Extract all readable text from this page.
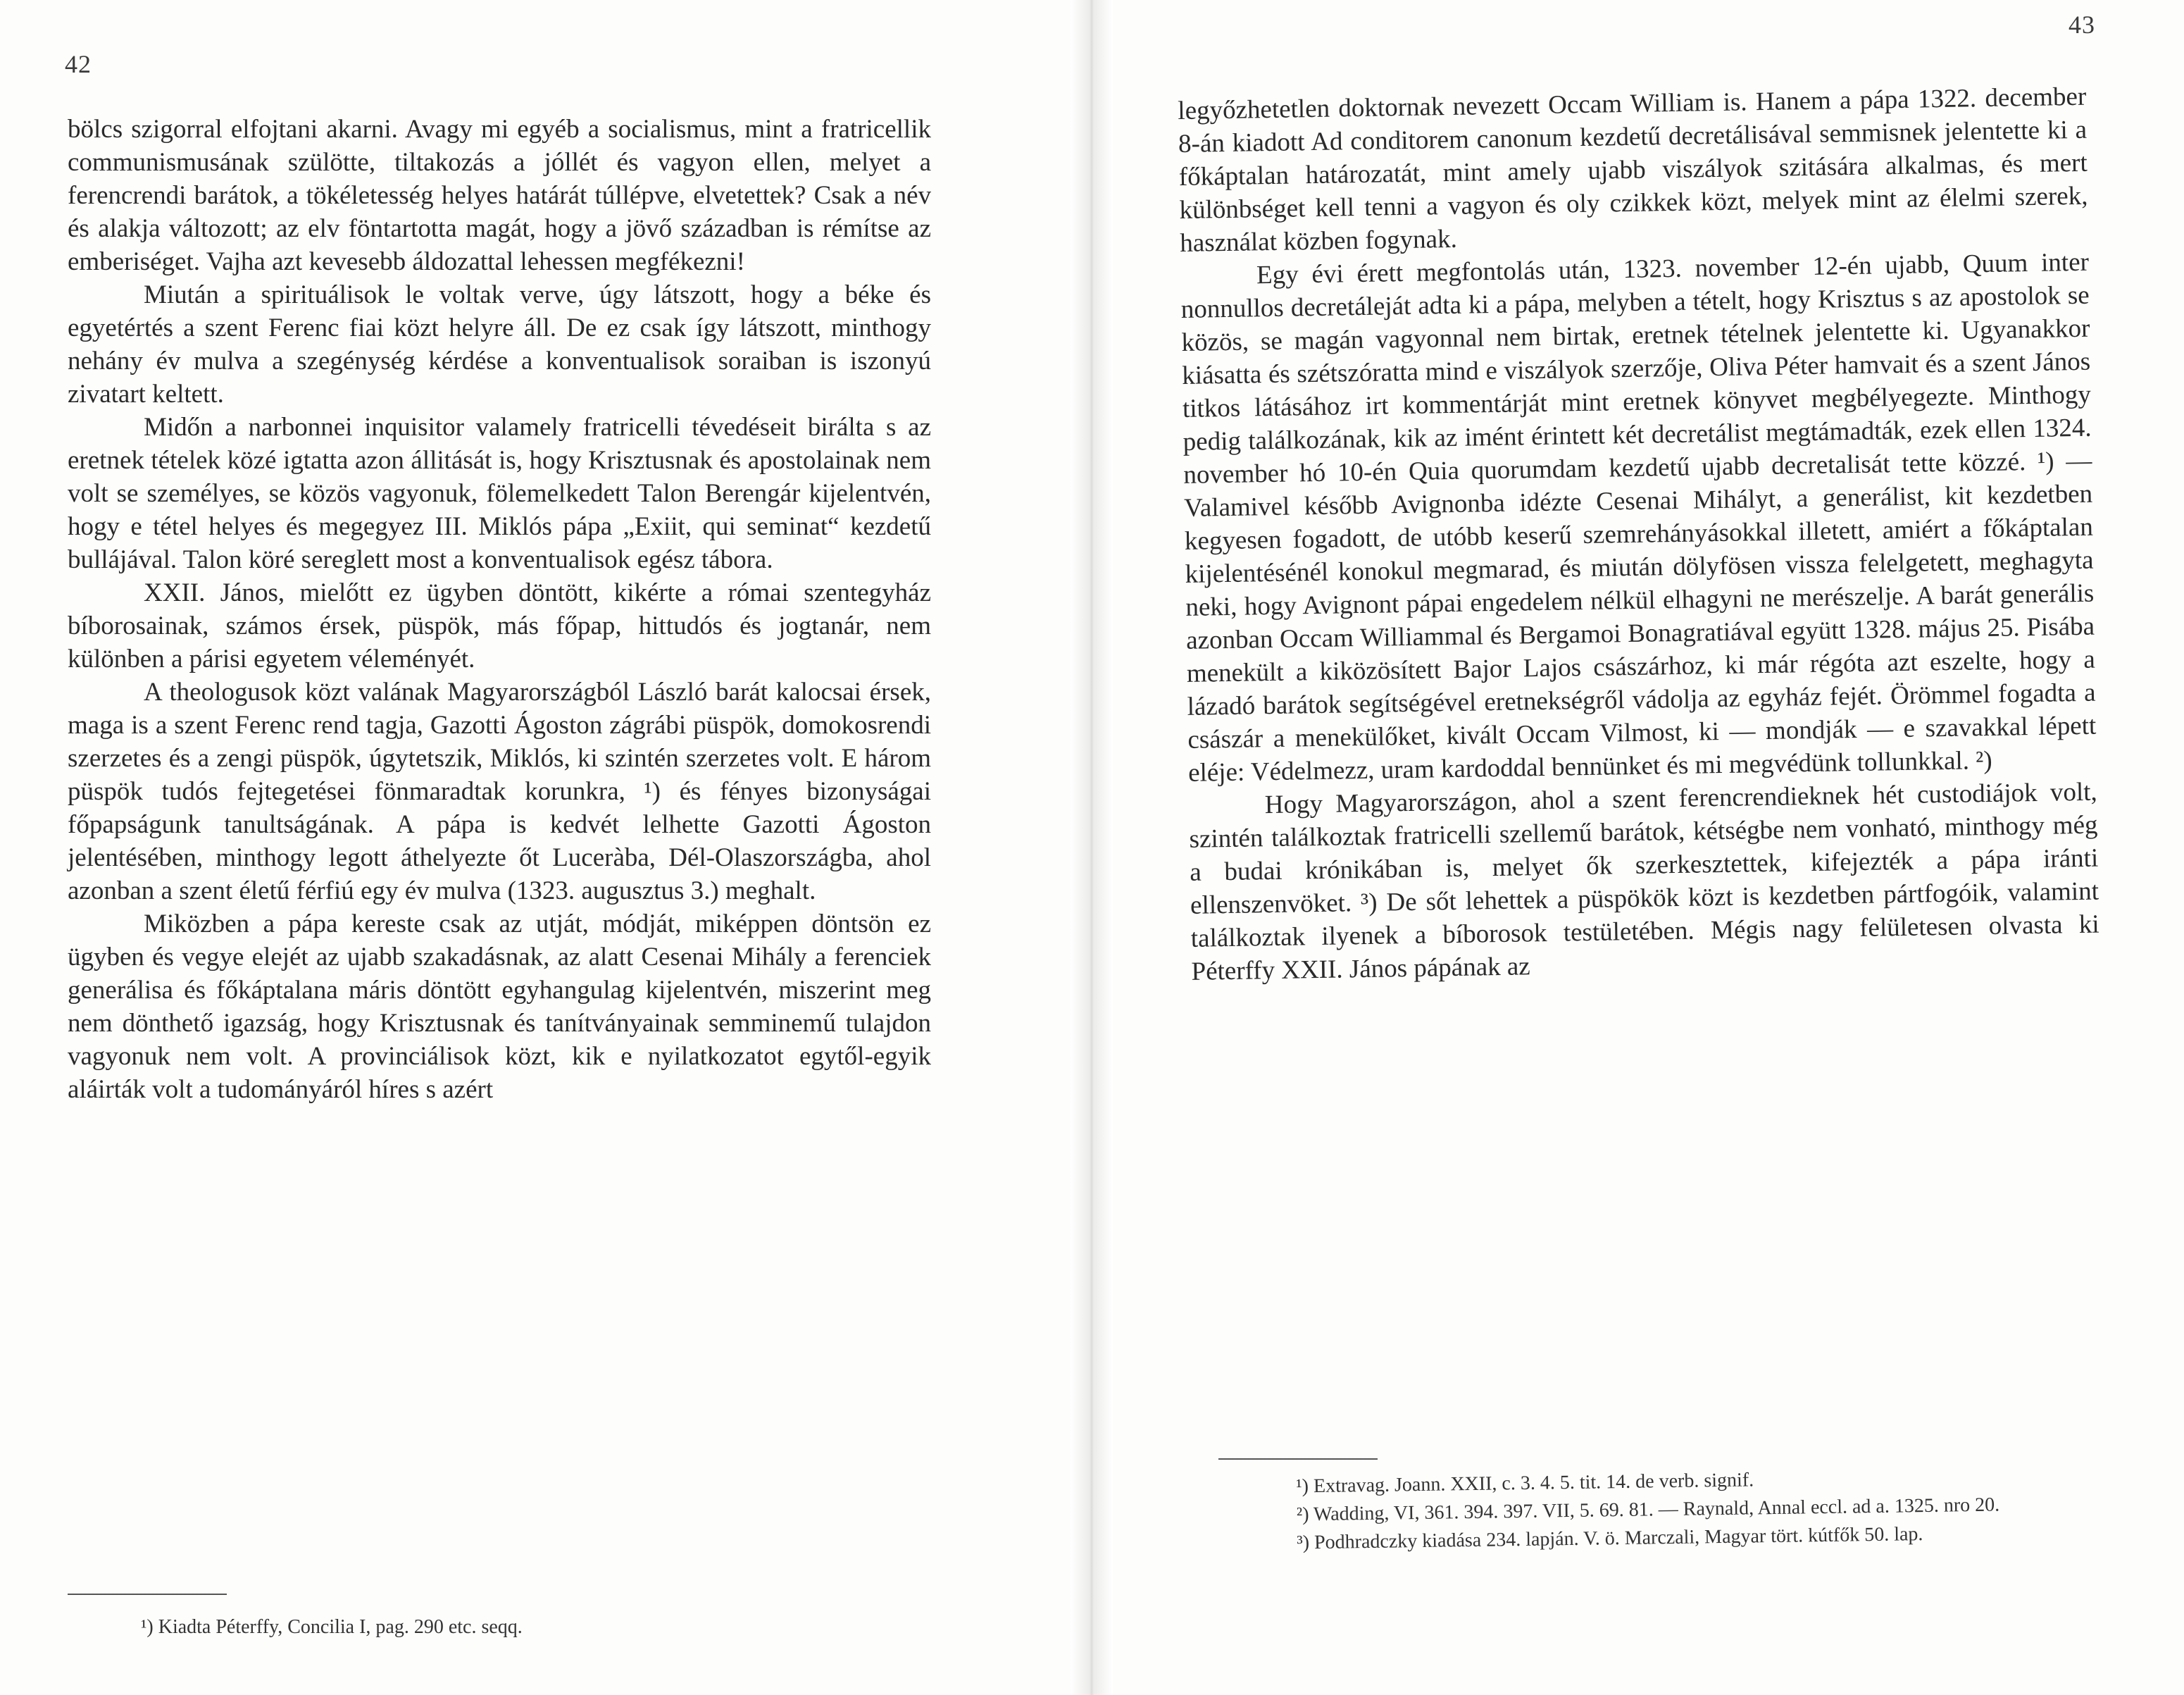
42

bölcs szigorral elfojtani akarni. Avagy mi egyéb a socialismus, mint a fratricellik communismusának szülötte, tiltakozás a jóllét és vagyon ellen, melyet a ferencrendi barátok, a tökéletesség helyes határát túllépve, elvetettek? Csak a név és alakja változott; az elv föntartotta magát, hogy a jövő században is rémítse az emberiséget. Vajha azt kevesebb áldozattal lehessen megfékezni!

Miután a spirituálisok le voltak verve, úgy látszott, hogy a béke és egyetértés a szent Ferenc fiai közt helyre áll. De ez csak így látszott, minthogy nehány év mulva a szegénység kérdése a konventualisok soraiban is iszonyú zivatart keltett.

Midőn a narbonnei inquisitor valamely fratricelli tévedéseit birálta s az eretnek tételek közé igtatta azon állitását is, hogy Krisztusnak és apostolainak nem volt se személyes, se közös vagyonuk, fölemelkedett Talon Berengár kijelentvén, hogy e tétel helyes és megegyez III. Miklós pápa „Exiit, qui seminat“ kezdetű bullájával. Talon köré sereglett most a konventualisok egész tábora.

XXII. János, mielőtt ez ügyben döntött, kikérte a római szentegyház bíborosainak, számos érsek, püspök, más főpap, hittudós és jogtanár, nem különben a párisi egyetem véleményét.

A theologusok közt valának Magyarországból László barát kalocsai érsek, maga is a szent Ferenc rend tagja, Gazotti Ágoston zágrábi püspök, domokosrendi szerzetes és a zengi püspök, úgytetszik, Miklós, ki szintén szerzetes volt. E három püspök tudós fejtegetései fönmaradtak korunkra, ¹) és fényes bizonyságai főpapságunk tanultságának. A pápa is kedvét lelhette Gazotti Ágoston jelentésében, minthogy legott áthelyezte őt Luceràba, Dél-Olaszországba, ahol azonban a szent életű férfiú egy év mulva (1323. augusztus 3.) meghalt.

Miközben a pápa kereste csak az utját, módját, miképpen döntsön ez ügyben és vegye elejét az ujabb szakadásnak, az alatt Cesenai Mihály a ferenciek generálisa és főkáptalana máris döntött egyhangulag kijelentvén, miszerint meg nem dönthető igazság, hogy Krisztusnak és tanítványainak semminemű tulajdon vagyonuk nem volt. A provinciálisok közt, kik e nyilatkozatot egytől-egyik aláirták volt a tudományáról híres s azért

¹) Kiadta Péterffy, Concilia I, pag. 290 etc. seqq.

43

legyőzhetetlen doktornak nevezett Occam William is. Hanem a pápa 1322. december 8-án kiadott Ad conditorem canonum kezdetű decretálisával semmisnek jelentette ki a főkáptalan határozatát, mint amely ujabb viszályok szitására alkalmas, és mert különbséget kell tenni a vagyon és oly czikkek közt, melyek mint az élelmi szerek, használat közben fogynak.

Egy évi érett megfontolás után, 1323. november 12-én ujabb, Quum inter nonnullos decretáleját adta ki a pápa, melyben a tételt, hogy Krisztus s az apostolok se közös, se magán vagyonnal nem birtak, eretnek tételnek jelentette ki. Ugyanakkor kiásatta és szétszóratta mind e viszályok szerzője, Oliva Péter hamvait és a szent János titkos látásához irt kommentárját mint eretnek könyvet megbélyegezte. Minthogy pedig találkozának, kik az imént érintett két decretálist megtámadták, ezek ellen 1324. november hó 10-én Quia quorumdam kezdetű ujabb decretalisát tette közzé. ¹) — Valamivel később Avignonba idézte Cesenai Mihályt, a generálist, kit kezdetben kegyesen fogadott, de utóbb keserű szemrehányásokkal illetett, amiért a főkáptalan kijelentésénél konokul megmarad, és miután dölyfösen vissza felelgetett, meghagyta neki, hogy Avignont pápai engedelem nélkül elhagyni ne merészelje. A barát generális azonban Occam Williammal és Bergamoi Bonagratiával együtt 1328. május 25. Pisába menekült a kiközösített Bajor Lajos császárhoz, ki már régóta azt eszelte, hogy a lázadó barátok segítségével eretnekségről vádolja az egyház fejét. Örömmel fogadta a császár a menekülőket, kivált Occam Vilmost, ki — mondják — e szavakkal lépett eléje: Védelmezz, uram kardoddal bennünket és mi megvédünk tollunkkal. ²)

Hogy Magyarországon, ahol a szent ferencrendieknek hét custodiájok volt, szintén találkoztak fratricelli szellemű barátok, kétségbe nem vonható, minthogy még a budai krónikában is, melyet ők szerkesztettek, kifejezték a pápa iránti ellenszenvöket. ³) De sőt lehettek a püspökök közt is kezdetben pártfogóik, valamint találkoztak ilyenek a bíborosok testületében. Mégis nagy felületesen olvasta ki Péterffy XXII. János pápának az

¹) Extravag. Joann. XXII, c. 3. 4. 5. tit. 14. de verb. signif.

²) Wadding, VI, 361. 394. 397. VII, 5. 69. 81. — Raynald, Annal eccl. ad a. 1325. nro 20.

³) Podhradczky kiadása 234. lapján. V. ö. Marczali, Magyar tört. kútfők 50. lap.
